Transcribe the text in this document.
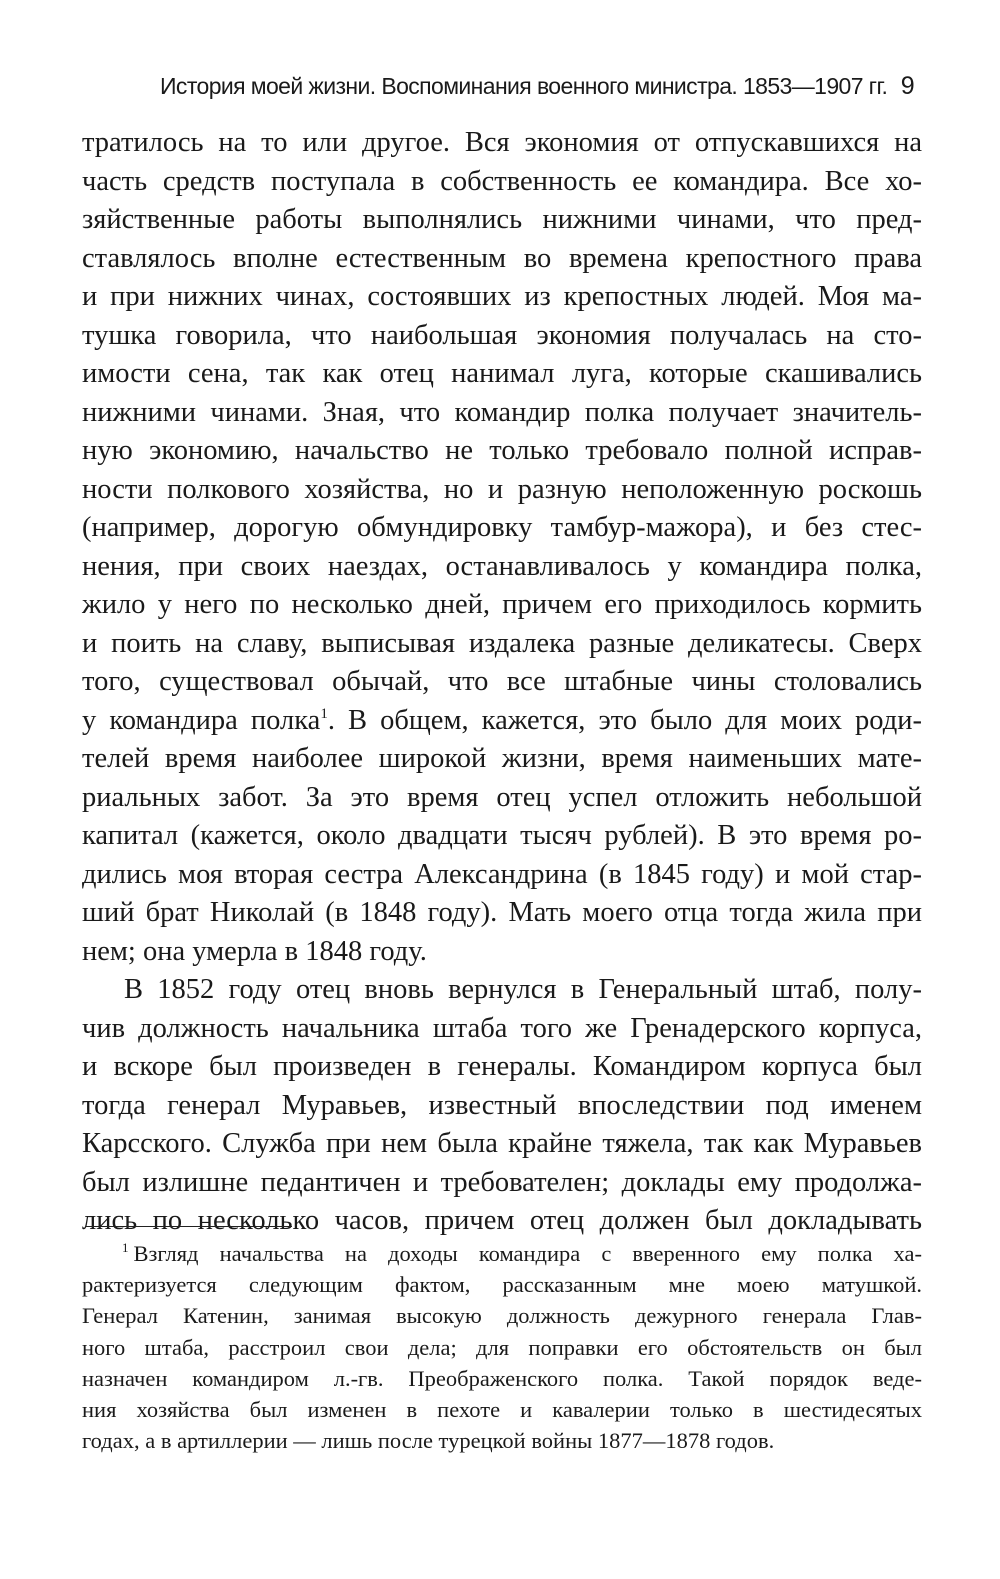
История моей жизни. Воспоминания военного министра. 1853—1907 гг. 9
тратилось на то или другое. Вся экономия от отпускавшихся на
часть средств поступала в собственность ее командира. Все хо-
зяйственные работы выполнялись нижними чинами, что пред-
ставлялось вполне естественным во времена крепостного права
и при нижних чинах, состоявших из крепостных людей. Моя ма-
тушка говорила, что наибольшая экономия получалась на сто-
имости сена, так как отец нанимал луга, которые скашивались
нижними чинами. Зная, что командир полка получает значитель-
ную экономию, начальство не только требовало полной исправ-
ности полкового хозяйства, но и разную неположенную роскошь
(например, дорогую обмундировку тамбур-мажора), и без стес-
нения, при своих наездах, останавливалось у командира полка,
жило у него по несколько дней, причем его приходилось кормить
и поить на славу, выписывая издалека разные деликатесы. Сверх
того, существовал обычай, что все штабные чины столовались
у командира полка$^1$. В общем, кажется, это было для моих роди-
телей время наиболее широкой жизни, время наименьших мате-
риальных забот. За это время отец успел отложить небольшой
капитал (кажется, около двадцати тысяч рублей). В это время ро-
дились моя вторая сестра Александрина (в 1845 году) и мой стар-
ший брат Николай (в 1848 году). Мать моего отца тогда жила при
нем; она умерла в 1848 году.
В 1852 году отец вновь вернулся в Генеральный штаб, полу-
чив должность начальника штаба того же Гренадерского корпуса,
и вскоре был произведен в генералы. Командиром корпуса был
тогда генерал Муравьев, известный впоследствии под именем
Карсского. Служба при нем была крайне тяжела, так как Муравьев
был излишне педантичен и требователен; доклады ему продолжа-
лись по несколько часов, причем отец должен был докладывать
$^1$ Взгляд начальства на доходы командира с вверенного ему полка ха-
рактеризуется следующим фактом, рассказанным мне моею матушкой.
Генерал Катенин, занимая высокую должность дежурного генерала Глав-
ного штаба, расстроил свои дела; для поправки его обстоятельств он был
назначен командиром л.-гв. Преображенского полка. Такой порядок веде-
ния хозяйства был изменен в пехоте и кавалерии только в шестидесятых
годах, а в артиллерии — лишь после турецкой войны 1877—1878 годов.
